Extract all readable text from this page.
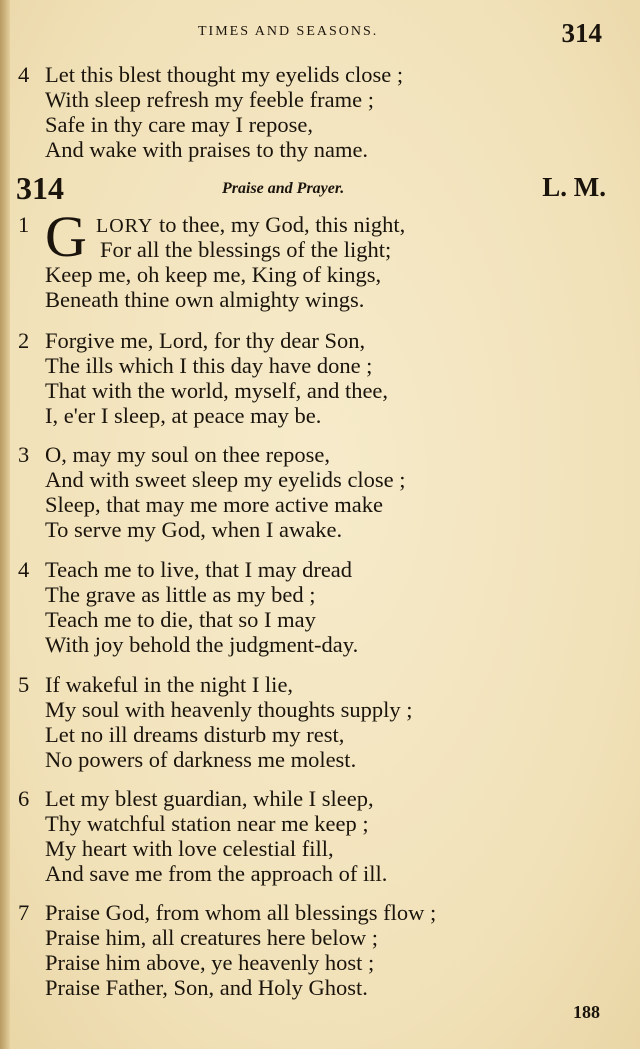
TIMES AND SEASONS.	314
4 Let this blest thought my eyelids close ;
With sleep refresh my feeble frame ;
Safe in thy care may I repose,
And wake with praises to thy name.
314	Praise and Prayer.	L. M.
1 G LORY to thee, my God, this night,
For all the blessings of the light;
Keep me, oh keep me, King of kings,
Beneath thine own almighty wings.
2 Forgive me, Lord, for thy dear Son,
The ills which I this day have done ;
That with the world, myself, and thee,
I, e'er I sleep, at peace may be.
3 O, may my soul on thee repose,
And with sweet sleep my eyelids close ;
Sleep, that may me more active make
To serve my God, when I awake.
4 Teach me to live, that I may dread
The grave as little as my bed ;
Teach me to die, that so I may
With joy behold the judgment-day.
5 If wakeful in the night I lie,
My soul with heavenly thoughts supply ;
Let no ill dreams disturb my rest,
No powers of darkness me molest.
6 Let my blest guardian, while I sleep,
Thy watchful station near me keep ;
My heart with love celestial fill,
And save me from the approach of ill.
7 Praise God, from whom all blessings flow ;
Praise him, all creatures here below ;
Praise him above, ye heavenly host ;
Praise Father, Son, and Holy Ghost.
188
